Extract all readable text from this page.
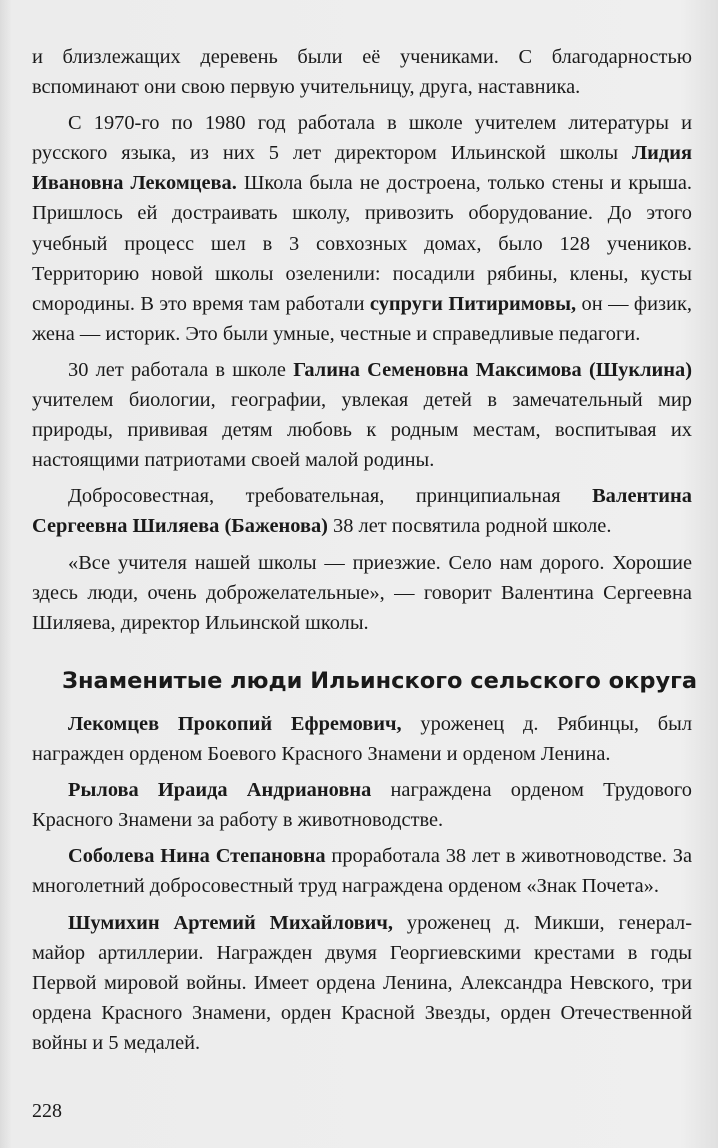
и близлежащих деревень были её учениками. С благодарностью вспоминают они свою первую учительницу, друга, наставника.

С 1970-го по 1980 год работала в школе учителем литературы и русского языка, из них 5 лет директором Ильинской школы Лидия Ивановна Лекомцева. Школа была не достроена, только стены и крыша. Пришлось ей достраивать школу, привозить оборудование. До этого учебный процесс шел в 3 совхозных домах, было 128 учеников. Территорию новой школы озеленили: посадили рябины, клены, кусты смородины. В это время там работали супруги Питиримовы, он — физик, жена — историк. Это были умные, честные и справедливые педагоги.

30 лет работала в школе Галина Семеновна Максимова (Шуклина) учителем биологии, географии, увлекая детей в замечательный мир природы, прививая детям любовь к родным местам, воспитывая их настоящими патриотами своей малой родины.

Добросовестная, требовательная, принципиальная Валентина Сергеевна Шиляева (Баженова) 38 лет посвятила родной школе.

«Все учителя нашей школы — приезжие. Село нам дорого. Хорошие здесь люди, очень доброжелательные», — говорит Валентина Сергеевна Шиляева, директор Ильинской школы.

Знаменитые люди Ильинского сельского округа

Лекомцев Прокопий Ефремович, уроженец д. Рябинцы, был награжден орденом Боевого Красного Знамени и орденом Ленина.

Рылова Ираида Андриановна награждена орденом Трудового Красного Знамени за работу в животноводстве.

Соболева Нина Степановна проработала 38 лет в животноводстве. За многолетний добросовестный труд награждена орденом «Знак Почета».

Шумихин Артемий Михайлович, уроженец д. Микши, генерал-майор артиллерии. Награжден двумя Георгиевскими крестами в годы Первой мировой войны. Имеет ордена Ленина, Александра Невского, три ордена Красного Знамени, орден Красной Звезды, орден Отечественной войны и 5 медалей.

228
